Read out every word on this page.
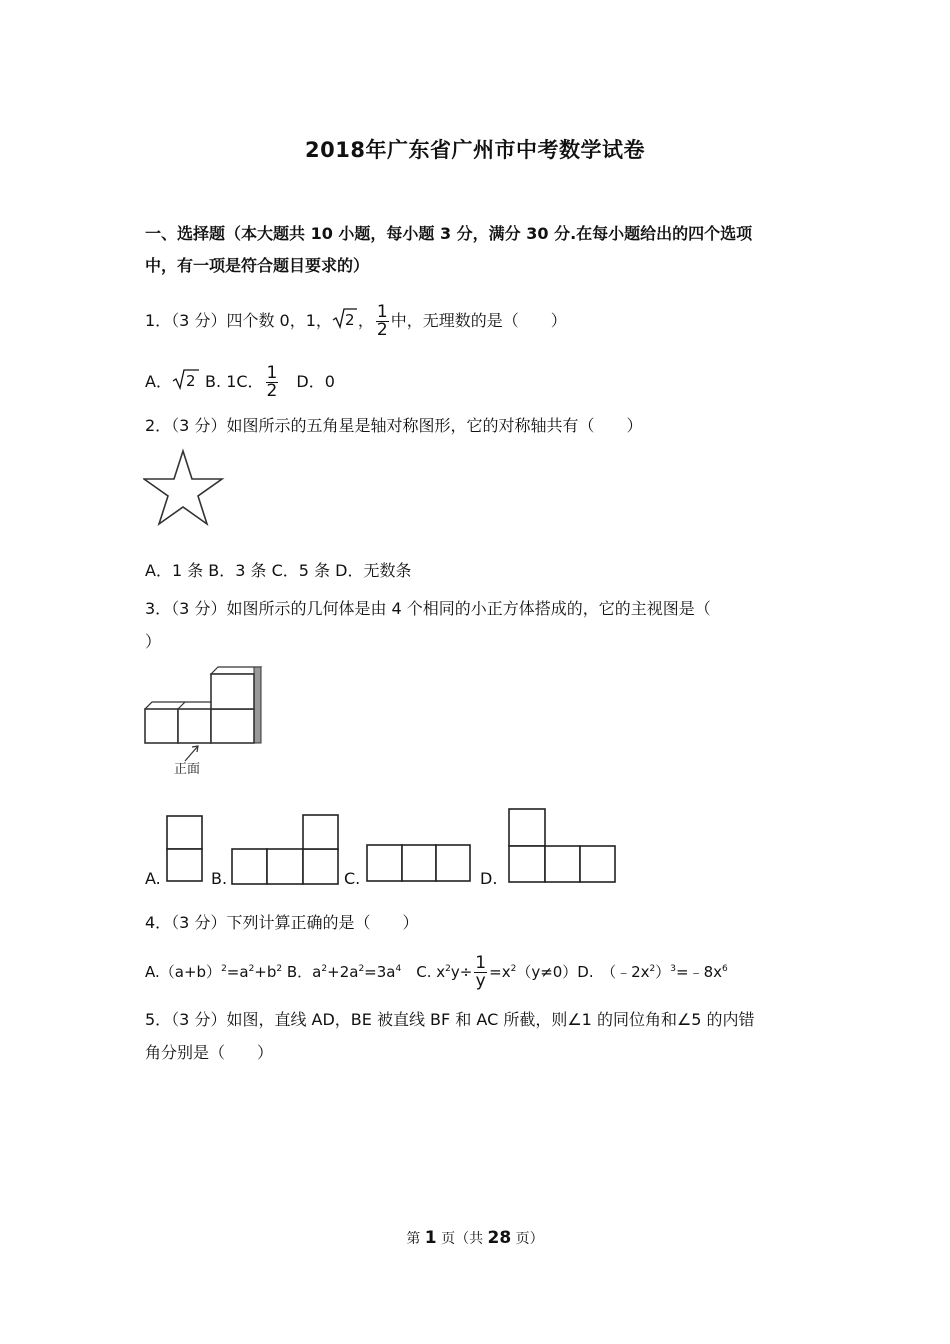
2018年广东省广州市中考数学试卷
一、选择题（本大题共 10 小题，每小题 3 分，满分 30 分.在每小题给出的四个选项
中，有一项是符合题目要求的）
1．（3 分）四个数 0，1， 2 ， $\frac{1}{2}$ 中，无理数的是（　　）
A． 2 B. 1C． $\frac{1}{2}$ 　D．0
2．（3 分）如图所示的五角星是轴对称图形，它的对称轴共有（　　）
A．1 条 B．3 条 C．5 条 D．无数条
3．（3 分）如图所示的几何体是由 4 个相同的小正方体搭成的，它的主视图是（
）
正面
A.	B.	C.	D.
4．（3 分）下列计算正确的是（　　）
$A.(a+b)^2=a^2+b^2$ B．$a^2+2a^2=3a^4$　C. $x^2y\div \frac{1}{y} =x^2(y\ne 0)D$.　$(﹣2x^2)^3=﹣8x^6$
5．（3 分）如图，直线 AD，BE 被直线 BF 和 AC 所截，则∠1 的同位角和∠5 的内错
角分别是（　　）
第 1 页（共 28 页）
